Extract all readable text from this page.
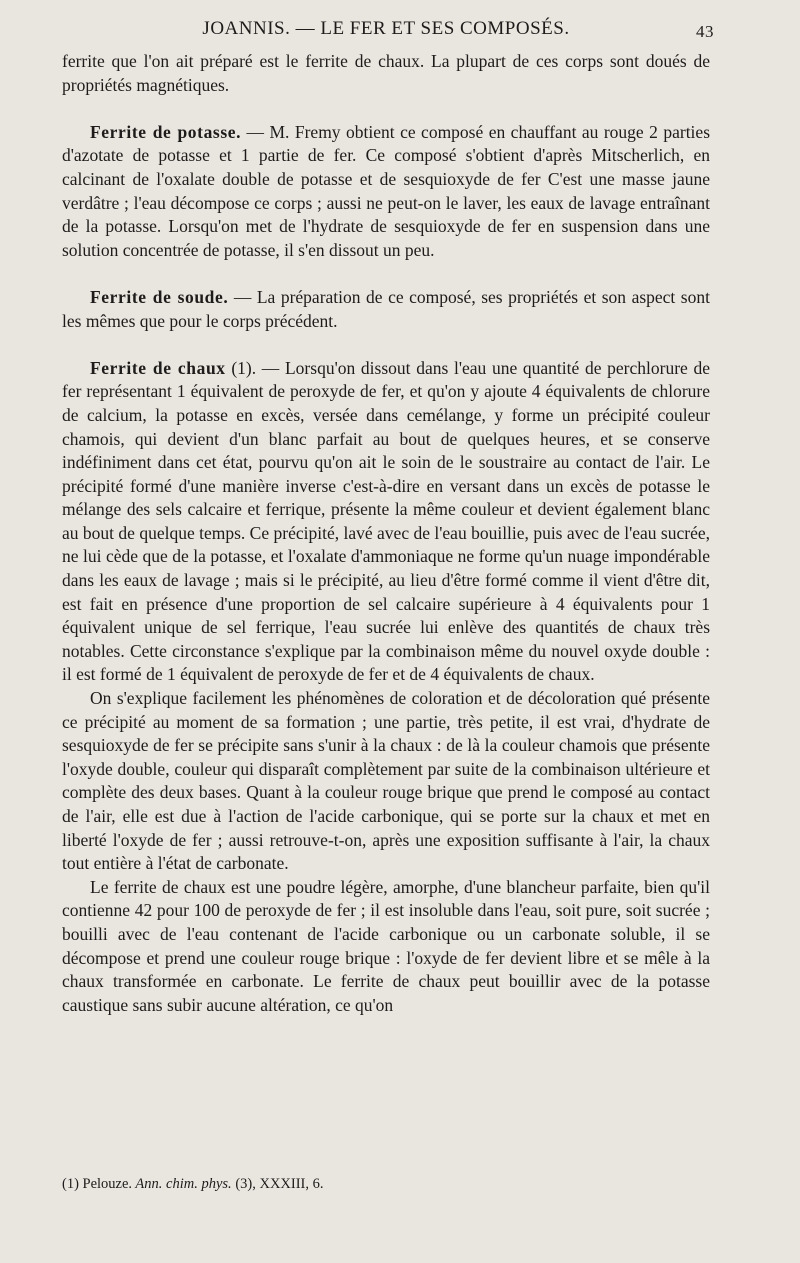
JOANNIS. — LE FER ET SES COMPOSÉS.	43

ferrite que l'on ait préparé est le ferrite de chaux. La plupart de ces corps sont doués de propriétés magnétiques.

Ferrite de potasse. — M. Fremy obtient ce composé en chauffant au rouge 2 parties d'azotate de potasse et 1 partie de fer. Ce composé s'obtient d'après Mitscherlich, en calcinant de l'oxalate double de potasse et de sesquioxyde de fer C'est une masse jaune verdâtre ; l'eau décompose ce corps ; aussi ne peut-on le laver, les eaux de lavage entraînant de la potasse. Lorsqu'on met de l'hydrate de sesquioxyde de fer en suspension dans une solution concentrée de potasse, il s'en dissout un peu.

Ferrite de soude. — La préparation de ce composé, ses propriétés et son aspect sont les mêmes que pour le corps précédent.

Ferrite de chaux (1). — Lorsqu'on dissout dans l'eau une quantité de perchlorure de fer représentant 1 équivalent de peroxyde de fer, et qu'on y ajoute 4 équivalents de chlorure de calcium, la potasse en excès, versée dans cemélange, y forme un précipité couleur chamois, qui devient d'un blanc parfait au bout de quelques heures, et se conserve indéfiniment dans cet état, pourvu qu'on ait le soin de le soustraire au contact de l'air. Le précipité formé d'une manière inverse c'est-à-dire en versant dans un excès de potasse le mélange des sels calcaire et ferrique, présente la même couleur et devient également blanc au bout de quelque temps. Ce précipité, lavé avec de l'eau bouillie, puis avec de l'eau sucrée, ne lui cède que de la potasse, et l'oxalate d'ammoniaque ne forme qu'un nuage impondérable dans les eaux de lavage ; mais si le précipité, au lieu d'être formé comme il vient d'être dit, est fait en présence d'une proportion de sel calcaire supérieure à 4 équivalents pour 1 équivalent unique de sel ferrique, l'eau sucrée lui enlève des quantités de chaux très notables. Cette circonstance s'explique par la combinaison même du nouvel oxyde double : il est formé de 1 équivalent de peroxyde de fer et de 4 équivalents de chaux.

On s'explique facilement les phénomènes de coloration et de décoloration qué présente ce précipité au moment de sa formation ; une partie, très petite, il est vrai, d'hydrate de sesquioxyde de fer se précipite sans s'unir à la chaux : de là la couleur chamois que présente l'oxyde double, couleur qui disparaît complètement par suite de la combinaison ultérieure et complète des deux bases. Quant à la couleur rouge brique que prend le composé au contact de l'air, elle est due à l'action de l'acide carbonique, qui se porte sur la chaux et met en liberté l'oxyde de fer ; aussi retrouve-t-on, après une exposition suffisante à l'air, la chaux tout entière à l'état de carbonate.

Le ferrite de chaux est une poudre légère, amorphe, d'une blancheur parfaite, bien qu'il contienne 42 pour 100 de peroxyde de fer ; il est insoluble dans l'eau, soit pure, soit sucrée ; bouilli avec de l'eau contenant de l'acide carbonique ou un carbonate soluble, il se décompose et prend une couleur rouge brique : l'oxyde de fer devient libre et se mêle à la chaux transformée en carbonate. Le ferrite de chaux peut bouillir avec de la potasse caustique sans subir aucune altération, ce qu'on

(1) Pelouze. Ann. chim. phys. (3), XXXIII, 6.
